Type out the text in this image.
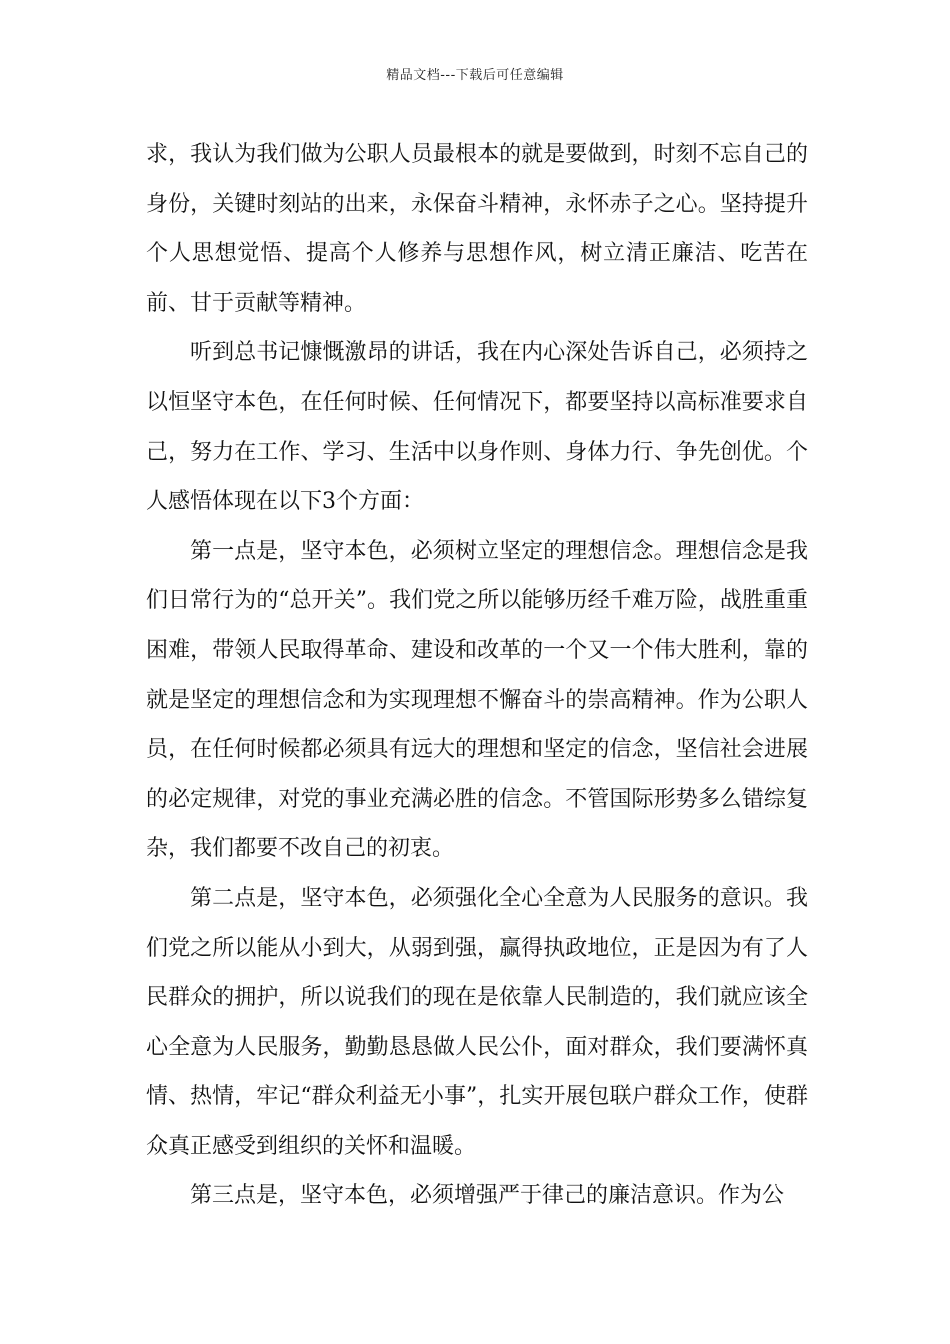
精品文档---下载后可任意编辑

求，我认为我们做为公职人员最根本的就是要做到，时刻不忘自己的身份，关键时刻站的出来，永保奋斗精神，永怀赤子之心。坚持提升个人思想觉悟、提高个人修养与思想作风，树立清正廉洁、吃苦在前、甘于贡献等精神。

听到总书记慷慨激昂的讲话，我在内心深处告诉自己，必须持之以恒坚守本色，在任何时候、任何情况下，都要坚持以高标准要求自己，努力在工作、学习、生活中以身作则、身体力行、争先创优。个人感悟体现在以下3个方面：

第一点是，坚守本色，必须树立坚定的理想信念。理想信念是我们日常行为的“总开关”。我们党之所以能够历经千难万险，战胜重重困难，带领人民取得革命、建设和改革的一个又一个伟大胜利，靠的就是坚定的理想信念和为实现理想不懈奋斗的崇高精神。作为公职人员，在任何时候都必须具有远大的理想和坚定的信念，坚信社会进展的必定规律，对党的事业充满必胜的信念。不管国际形势多么错综复杂，我们都要不改自己的初衷。

第二点是，坚守本色，必须强化全心全意为人民服务的意识。我们党之所以能从小到大，从弱到强，赢得执政地位，正是因为有了人民群众的拥护，所以说我们的现在是依靠人民制造的，我们就应该全心全意为人民服务，勤勤恳恳做人民公仆，面对群众，我们要满怀真情、热情，牢记“群众利益无小事”，扎实开展包联户群众工作，使群众真正感受到组织的关怀和温暖。

第三点是，坚守本色，必须增强严于律己的廉洁意识。作为公
